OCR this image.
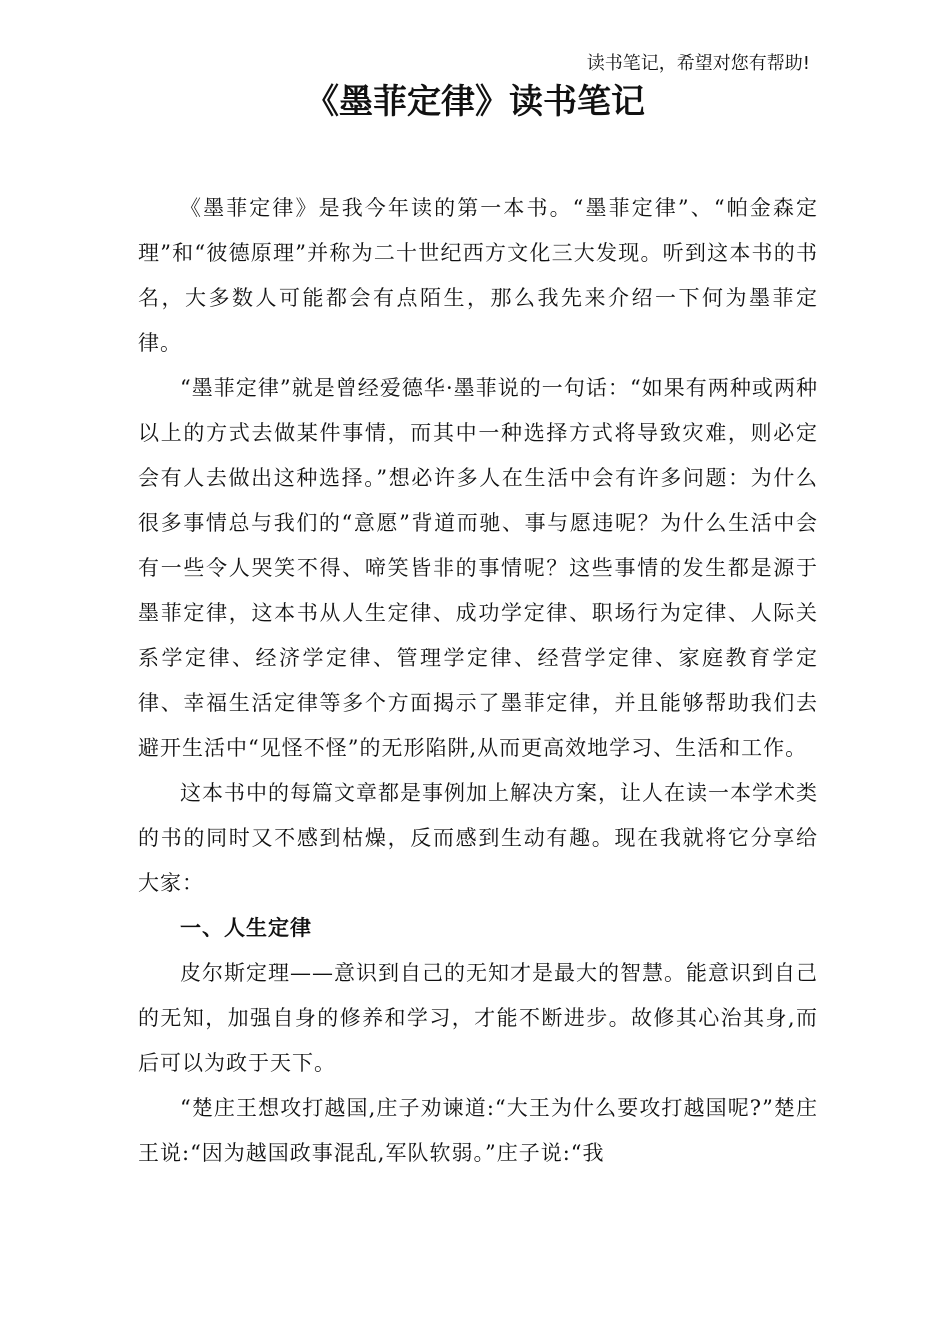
读书笔记，希望对您有帮助!
《墨菲定律》读书笔记

《墨菲定律》是我今年读的第一本书。“墨菲定律”、“帕金森定理”和“彼德原理”并称为二十世纪西方文化三大发现。听到这本书的书名，大多数人可能都会有点陌生，那么我先来介绍一下何为墨菲定律。

“墨菲定律”就是曾经爱德华·墨菲说的一句话：“如果有两种或两种以上的方式去做某件事情，而其中一种选择方式将导致灾难，则必定会有人去做出这种选择。”想必许多人在生活中会有许多问题：为什么很多事情总与我们的“意愿”背道而驰、事与愿违呢？为什么生活中会有一些令人哭笑不得、啼笑皆非的事情呢？这些事情的发生都是源于墨菲定律，这本书从人生定律、成功学定律、职场行为定律、人际关系学定律、经济学定律、管理学定律、经营学定律、家庭教育学定律、幸福生活定律等多个方面揭示了墨菲定律，并且能够帮助我们去避开生活中“见怪不怪”的无形陷阱,从而更高效地学习、生活和工作。

这本书中的每篇文章都是事例加上解决方案，让人在读一本学术类的书的同时又不感到枯燥，反而感到生动有趣。现在我就将它分享给大家：

一、人生定律

皮尔斯定理——意识到自己的无知才是最大的智慧。能意识到自己的无知，加强自身的修养和学习，才能不断进步。故修其心治其身,而后可以为政于天下。

“楚庄王想攻打越国,庄子劝谏道:“大王为什么要攻打越国呢?”楚庄王说:“因为越国政事混乱,军队软弱。”庄子说:“我
